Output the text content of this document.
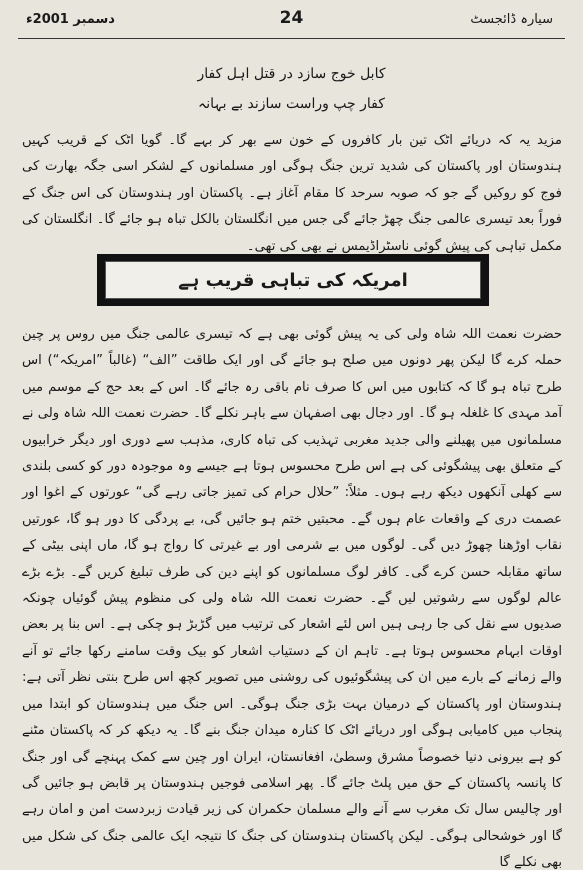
دسمبر 2001ء	24	سیارہ ڈائجسٹ
کابل خوج سازد در قتل اہل کفار
کفار چپ وراست سازند بے بہانہ

مزید یہ کہ دریائے اٹک تین بار کافروں کے خون سے بھر کر بہے گا۔ گویا اٹک کے قریب کہیں ہندوستان اور پاکستان کی شدید ترین جنگ ہوگی اور مسلمانوں کے لشکر اسی جگہ بھارت کی فوج کو روکیں گے جو کہ صوبہ سرحد کا مقام آغاز ہے۔ پاکستان اور ہندوستان کی اس جنگ کے فوراً بعد تیسری عالمی جنگ چھڑ جائے گی جس میں انگلستان بالکل تباہ ہو جائے گا۔ انگلستان کی مکمل تباہی کی پیش گوئی ناسٹراڈیمس نے بھی کی تھی۔

امریکہ کی تباہی قریب ہے

حضرت نعمت اللہ شاہ ولی کی یہ پیش گوئی بھی ہے کہ تیسری عالمی جنگ میں روس پر چین حملہ کرے گا لیکن پھر دونوں میں صلح ہو جائے گی اور ایک طاقت ”الف“ (غالباً ”امریکہ“) اس طرح تباہ ہو گا کہ کتابوں میں اس کا صرف نام باقی رہ جائے گا۔ اس کے بعد حج کے موسم میں آمد مہدی کا غلغلہ ہو گا۔ اور دجال بھی اصفہان سے باہر نکلے گا۔ حضرت نعمت اللہ شاہ ولی نے مسلمانوں میں پھیلنے والی جدید مغربی تہذیب کی تباہ کاری، مذہب سے دوری اور دیگر خرابیوں کے متعلق بھی پیشگوئی کی ہے اس طرح محسوس ہوتا ہے جیسے وہ موجودہ دور کو کسی بلندی سے کھلی آنکھوں دیکھ رہے ہوں۔ مثلاً: ”حلال حرام کی تمیز جاتی رہے گی“ عورتوں کے اغوا اور عصمت دری کے واقعات عام ہوں گے۔ محبتیں ختم ہو جائیں گی، بے پردگی کا دور ہو گا، عورتیں نقاب اوڑھنا چھوڑ دیں گی۔ لوگوں میں بے شرمی اور بے غیرتی کا رواج ہو گا، ماں اپنی بیٹی کے ساتھ مقابلہ حسن کرے گی۔ کافر لوگ مسلمانوں کو اپنے دین کی طرف تبلیغ کریں گے۔ بڑے بڑے عالم لوگوں سے رشوتیں لیں گے۔ حضرت نعمت اللہ شاہ ولی کی منظوم پیش گوئیاں چونکہ صدیوں سے نقل کی جا رہی ہیں اس لئے اشعار کی ترتیب میں گڑبڑ ہو چکی ہے۔ اس بنا پر بعض اوقات ابہام محسوس ہوتا ہے۔ تاہم ان کے دستیاب اشعار کو بیک وقت سامنے رکھا جائے تو آنے والے زمانے کے بارے میں ان کی پیشگوئیوں کی روشنی میں تصویر کچھ اس طرح بنتی نظر آتی ہے: ہندوستان اور پاکستان کے درمیان بہت بڑی جنگ ہوگی۔ اس جنگ میں ہندوستان کو ابتدا میں پنجاب میں کامیابی ہوگی اور دریائے اٹک کا کنارہ میدان جنگ بنے گا۔ یہ دیکھ کر کہ پاکستان مٹنے کو ہے بیرونی دنیا خصوصاً مشرق وسطیٰ، افغانستان، ایران اور چین سے کمک پہنچے گی اور جنگ کا پانسہ پاکستان کے حق میں پلٹ جائے گا۔ پھر اسلامی فوجیں ہندوستان پر قابض ہو جائیں گی اور چالیس سال تک مغرب سے آنے والے مسلمان حکمران کی زیر قیادت زبردست امن و امان رہے گا اور خوشحالی ہوگی۔ لیکن پاکستان ہندوستان کی جنگ کا نتیجہ ایک عالمی جنگ کی شکل میں بھی نکلے گا
